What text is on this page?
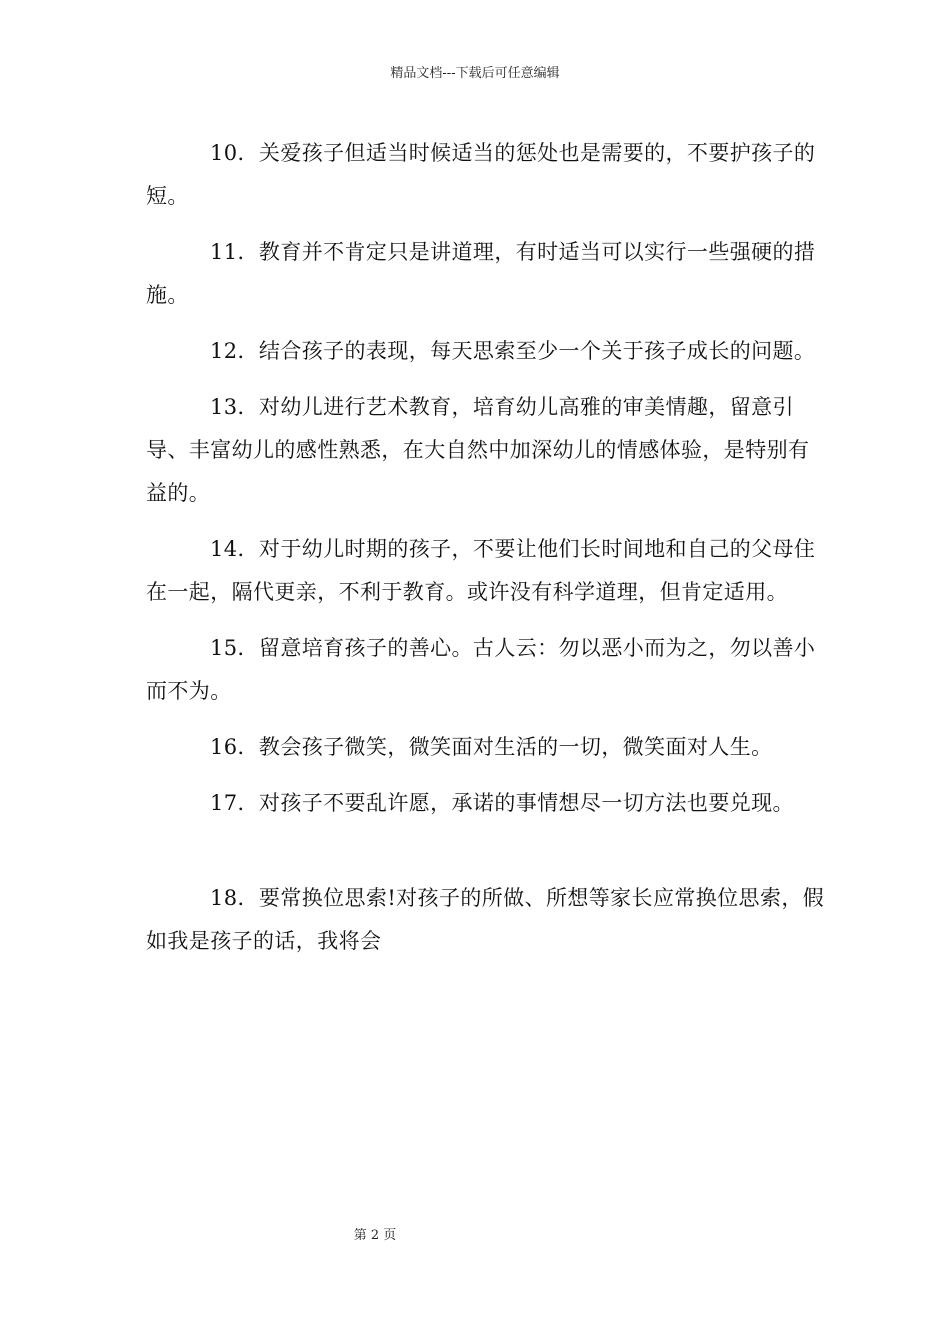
精品文档---下载后可任意编辑

10．关爱孩子但适当时候适当的惩处也是需要的，不要护孩子的短。

11．教育并不肯定只是讲道理，有时适当可以实行一些强硬的措施。

12．结合孩子的表现，每天思索至少一个关于孩子成长的问题。

13．对幼儿进行艺术教育，培育幼儿高雅的审美情趣，留意引导、丰富幼儿的感性熟悉，在大自然中加深幼儿的情感体验，是特别有益的。

14．对于幼儿时期的孩子，不要让他们长时间地和自己的父母住在一起，隔代更亲，不利于教育。或许没有科学道理，但肯定适用。

15．留意培育孩子的善心。古人云：勿以恶小而为之，勿以善小而不为。

16．教会孩子微笑，微笑面对生活的一切，微笑面对人生。

17．对孩子不要乱许愿，承诺的事情想尽一切方法也要兑现。

18．要常换位思索!对孩子的所做、所想等家长应常换位思索，假如我是孩子的话，我将会

第 2 页
